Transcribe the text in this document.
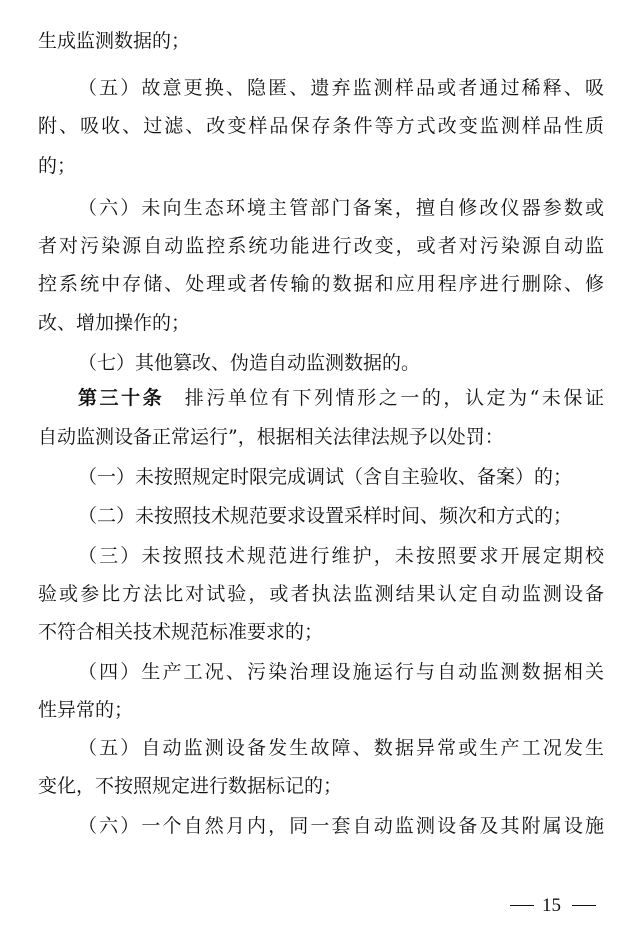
生成监测数据的；
（五）故意更换、隐匿、遗弃监测样品或者通过稀释、吸
附、吸收、过滤、改变样品保存条件等方式改变监测样品性质
的；
（六）未向生态环境主管部门备案，擅自修改仪器参数或
者对污染源自动监控系统功能进行改变，或者对污染源自动监
控系统中存储、处理或者传输的数据和应用程序进行删除、修
改、增加操作的；
（七）其他篡改、伪造自动监测数据的。
第三十条 排污单位有下列情形之一的，认定为“未保证
自动监测设备正常运行”，根据相关法律法规予以处罚：
（一）未按照规定时限完成调试（含自主验收、备案）的；
（二）未按照技术规范要求设置采样时间、频次和方式的；
（三）未按照技术规范进行维护，未按照要求开展定期校
验或参比方法比对试验，或者执法监测结果认定自动监测设备
不符合相关技术规范标准要求的；
（四）生产工况、污染治理设施运行与自动监测数据相关
性异常的；
（五）自动监测设备发生故障、数据异常或生产工况发生
变化，不按照规定进行数据标记的；
（六）一个自然月内，同一套自动监测设备及其附属设施
15
